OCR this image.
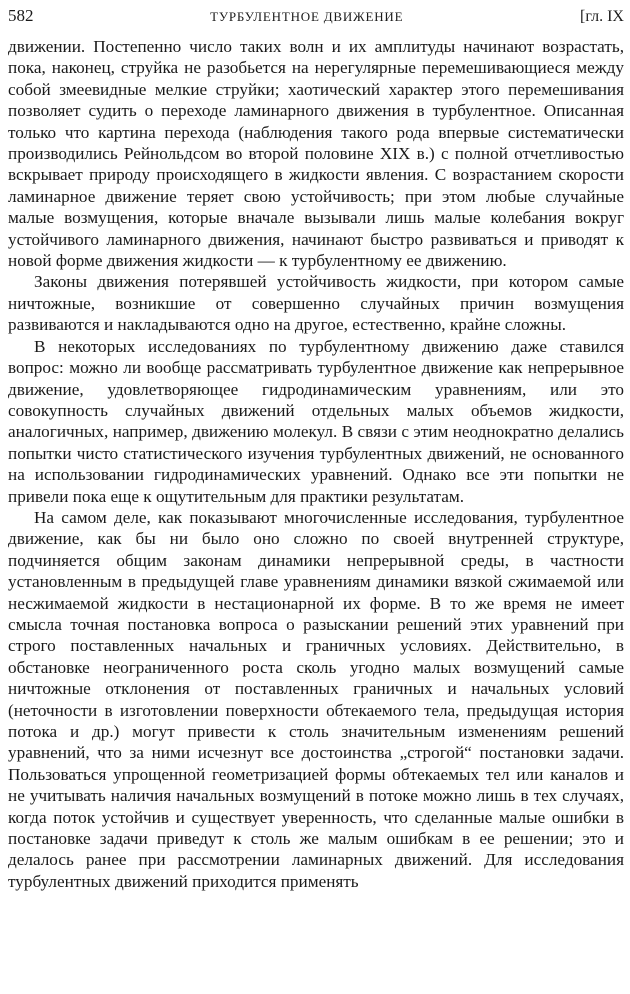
582	ТУРБУЛЕНТНОЕ ДВИЖЕНИЕ	[гл. IX

движении. Постепенно число таких волн и их амплитуды начинают возрастать, пока, наконец, струйка не разобьется на нерегулярные перемешивающиеся между собой змеевидные мелкие струйки; хаотический характер этого перемешивания позволяет судить о переходе ламинарного движения в турбулентное. Описанная только что картина перехода (наблюдения такого рода впервые систематически производились Рейнольдсом во второй половине XIX в.) с полной отчетливостью вскрывает природу происходящего в жидкости явления. С возрастанием скорости ламинарное движение теряет свою устойчивость; при этом любые случайные малые возмущения, которые вначале вызывали лишь малые колебания вокруг устойчивого ламинарного движения, начинают быстро развиваться и приводят к новой форме движения жидкости — к турбулентному ее движению.

Законы движения потерявшей устойчивость жидкости, при котором самые ничтожные, возникшие от совершенно случайных причин возмущения развиваются и накладываются одно на другое, естественно, крайне сложны.

В некоторых исследованиях по турбулентному движению даже ставился вопрос: можно ли вообще рассматривать турбулентное движение как непрерывное движение, удовлетворяющее гидродинамическим уравнениям, или это совокупность случайных движений отдельных малых объемов жидкости, аналогичных, например, движению молекул. В связи с этим неоднократно делались попытки чисто статистического изучения турбулентных движений, не основанного на использовании гидродинамических уравнений. Однако все эти попытки не привели пока еще к ощутительным для практики результатам.

На самом деле, как показывают многочисленные исследования, турбулентное движение, как бы ни было оно сложно по своей внутренней структуре, подчиняется общим законам динамики непрерывной среды, в частности установленным в предыдущей главе уравнениям динамики вязкой сжимаемой или несжимаемой жидкости в нестационарной их форме. В то же время не имеет смысла точная постановка вопроса о разыскании решений этих уравнений при строго поставленных начальных и граничных условиях. Действительно, в обстановке неограниченного роста сколь угодно малых возмущений самые ничтожные отклонения от поставленных граничных и начальных условий (неточности в изготовлении поверхности обтекаемого тела, предыдущая история потока и др.) могут привести к столь значительным изменениям решений уравнений, что за ними исчезнут все достоинства „строгой“ постановки задачи. Пользоваться упрощенной геометризацией формы обтекаемых тел или каналов и не учитывать наличия начальных возмущений в потоке можно лишь в тех случаях, когда поток устойчив и существует уверенность, что сделанные малые ошибки в постановке задачи приведут к столь же малым ошибкам в ее решении; это и делалось ранее при рассмотрении ламинарных движений. Для исследования турбулентных движений приходится применять
